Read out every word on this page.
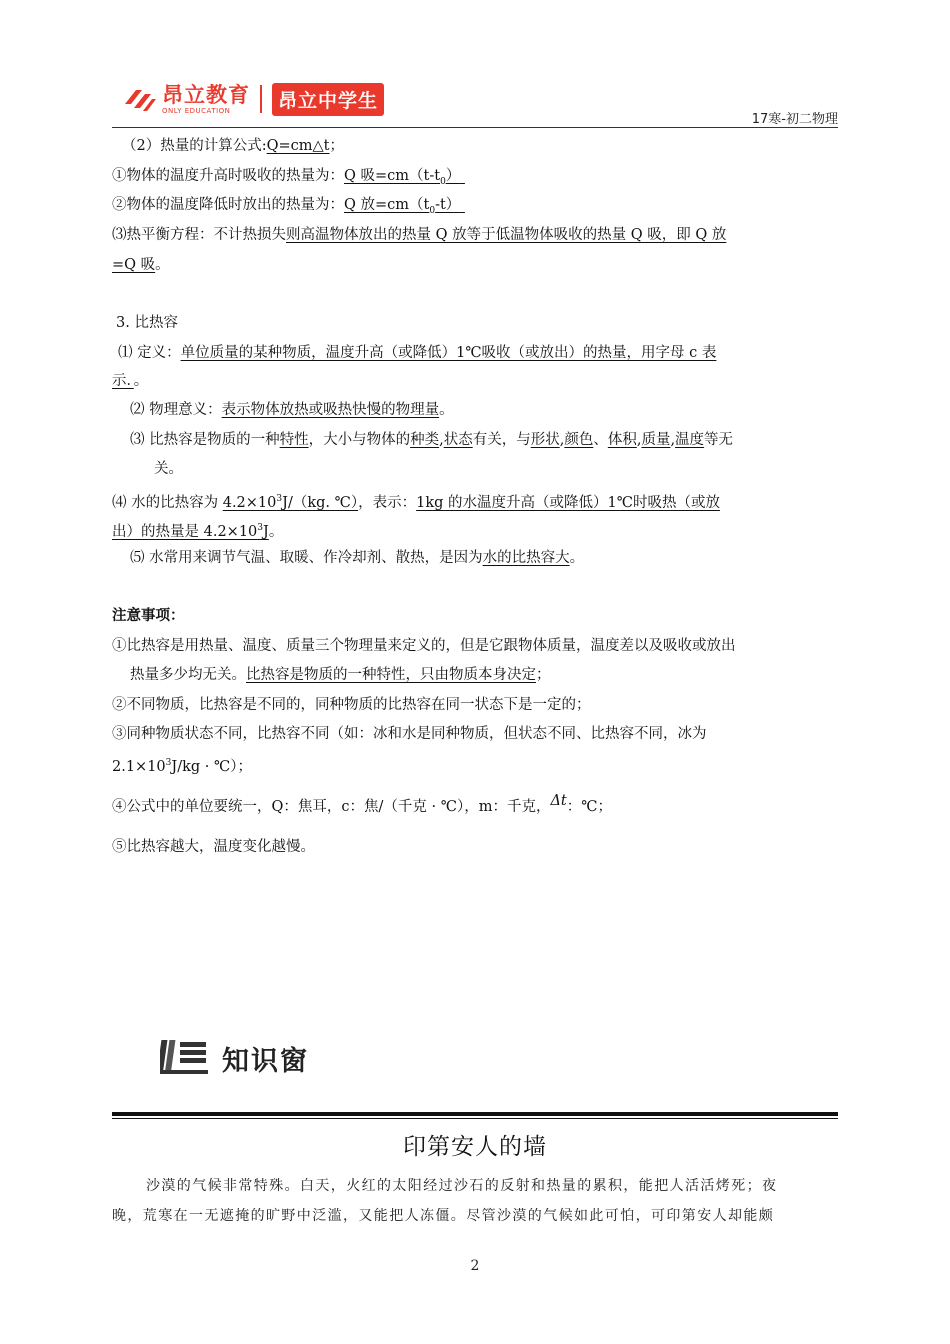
昂立教育
ONLY EDUCATION	昂立中学生
17寒-初二物理
（2）热量的计算公式:Q=cm△t；
①物体的温度升高时吸收的热量为：Q 吸$=cm(t-t_0)$
②物体的温度降低时放出的热量为：Q 放$=cm(t_0-t)$
⑶热平衡方程：不计热损失则高温物体放出的热量 Q 放等于低温物体吸收的热量 Q 吸，即 Q 放
=Q 吸。
3. 比热容
⑴ 定义：单位质量的某种物质，温度升高（或降低）1℃吸收（或放出）的热量，用字母 c 表
示．。
⑵ 物理意义：表示物体放热或吸热快慢的物理量。
⑶ 比热容是物质的一种特性，大小与物体的种类,状态有关，与形状,颜色、体积,质量,温度等无
关。
⑷ 水的比热容为 $4.2\times 10^3J/(kg$. ℃），表示：1kg 的水温度升高（或降低）1℃时吸热（或放
出）的热量是 $4.2\times 10^3J$。
⑸ 水常用来调节气温、取暖、作冷却剂、散热，是因为水的比热容大。
注意事项：
①比热容是用热量、温度、质量三个物理量来定义的，但是它跟物体质量，温度差以及吸收或放出
热量多少均无关。比热容是物质的一种特性，只由物质本身决定；
②不同物质，比热容是不同的，同种物质的比热容在同一状态下是一定的；
③同种物质状态不同，比热容不同（如：冰和水是同种物质，但状态不同、比热容不同，冰为
$2.1\times 10^3J/kg$ · ℃）；
④公式中的单位要统一，Q：焦耳，c：焦/（千克 · ℃），m：千克，Δt：℃；
⑤比热容越大，温度变化越慢。
知识窗
印第安人的墙
沙漠的气候非常特殊。白天，火红的太阳经过沙石的反射和热量的累积，能把人活活烤死；夜
晚，荒寒在一无遮掩的旷野中泛滥，又能把人冻僵。尽管沙漠的气候如此可怕，可印第安人却能颇
2
